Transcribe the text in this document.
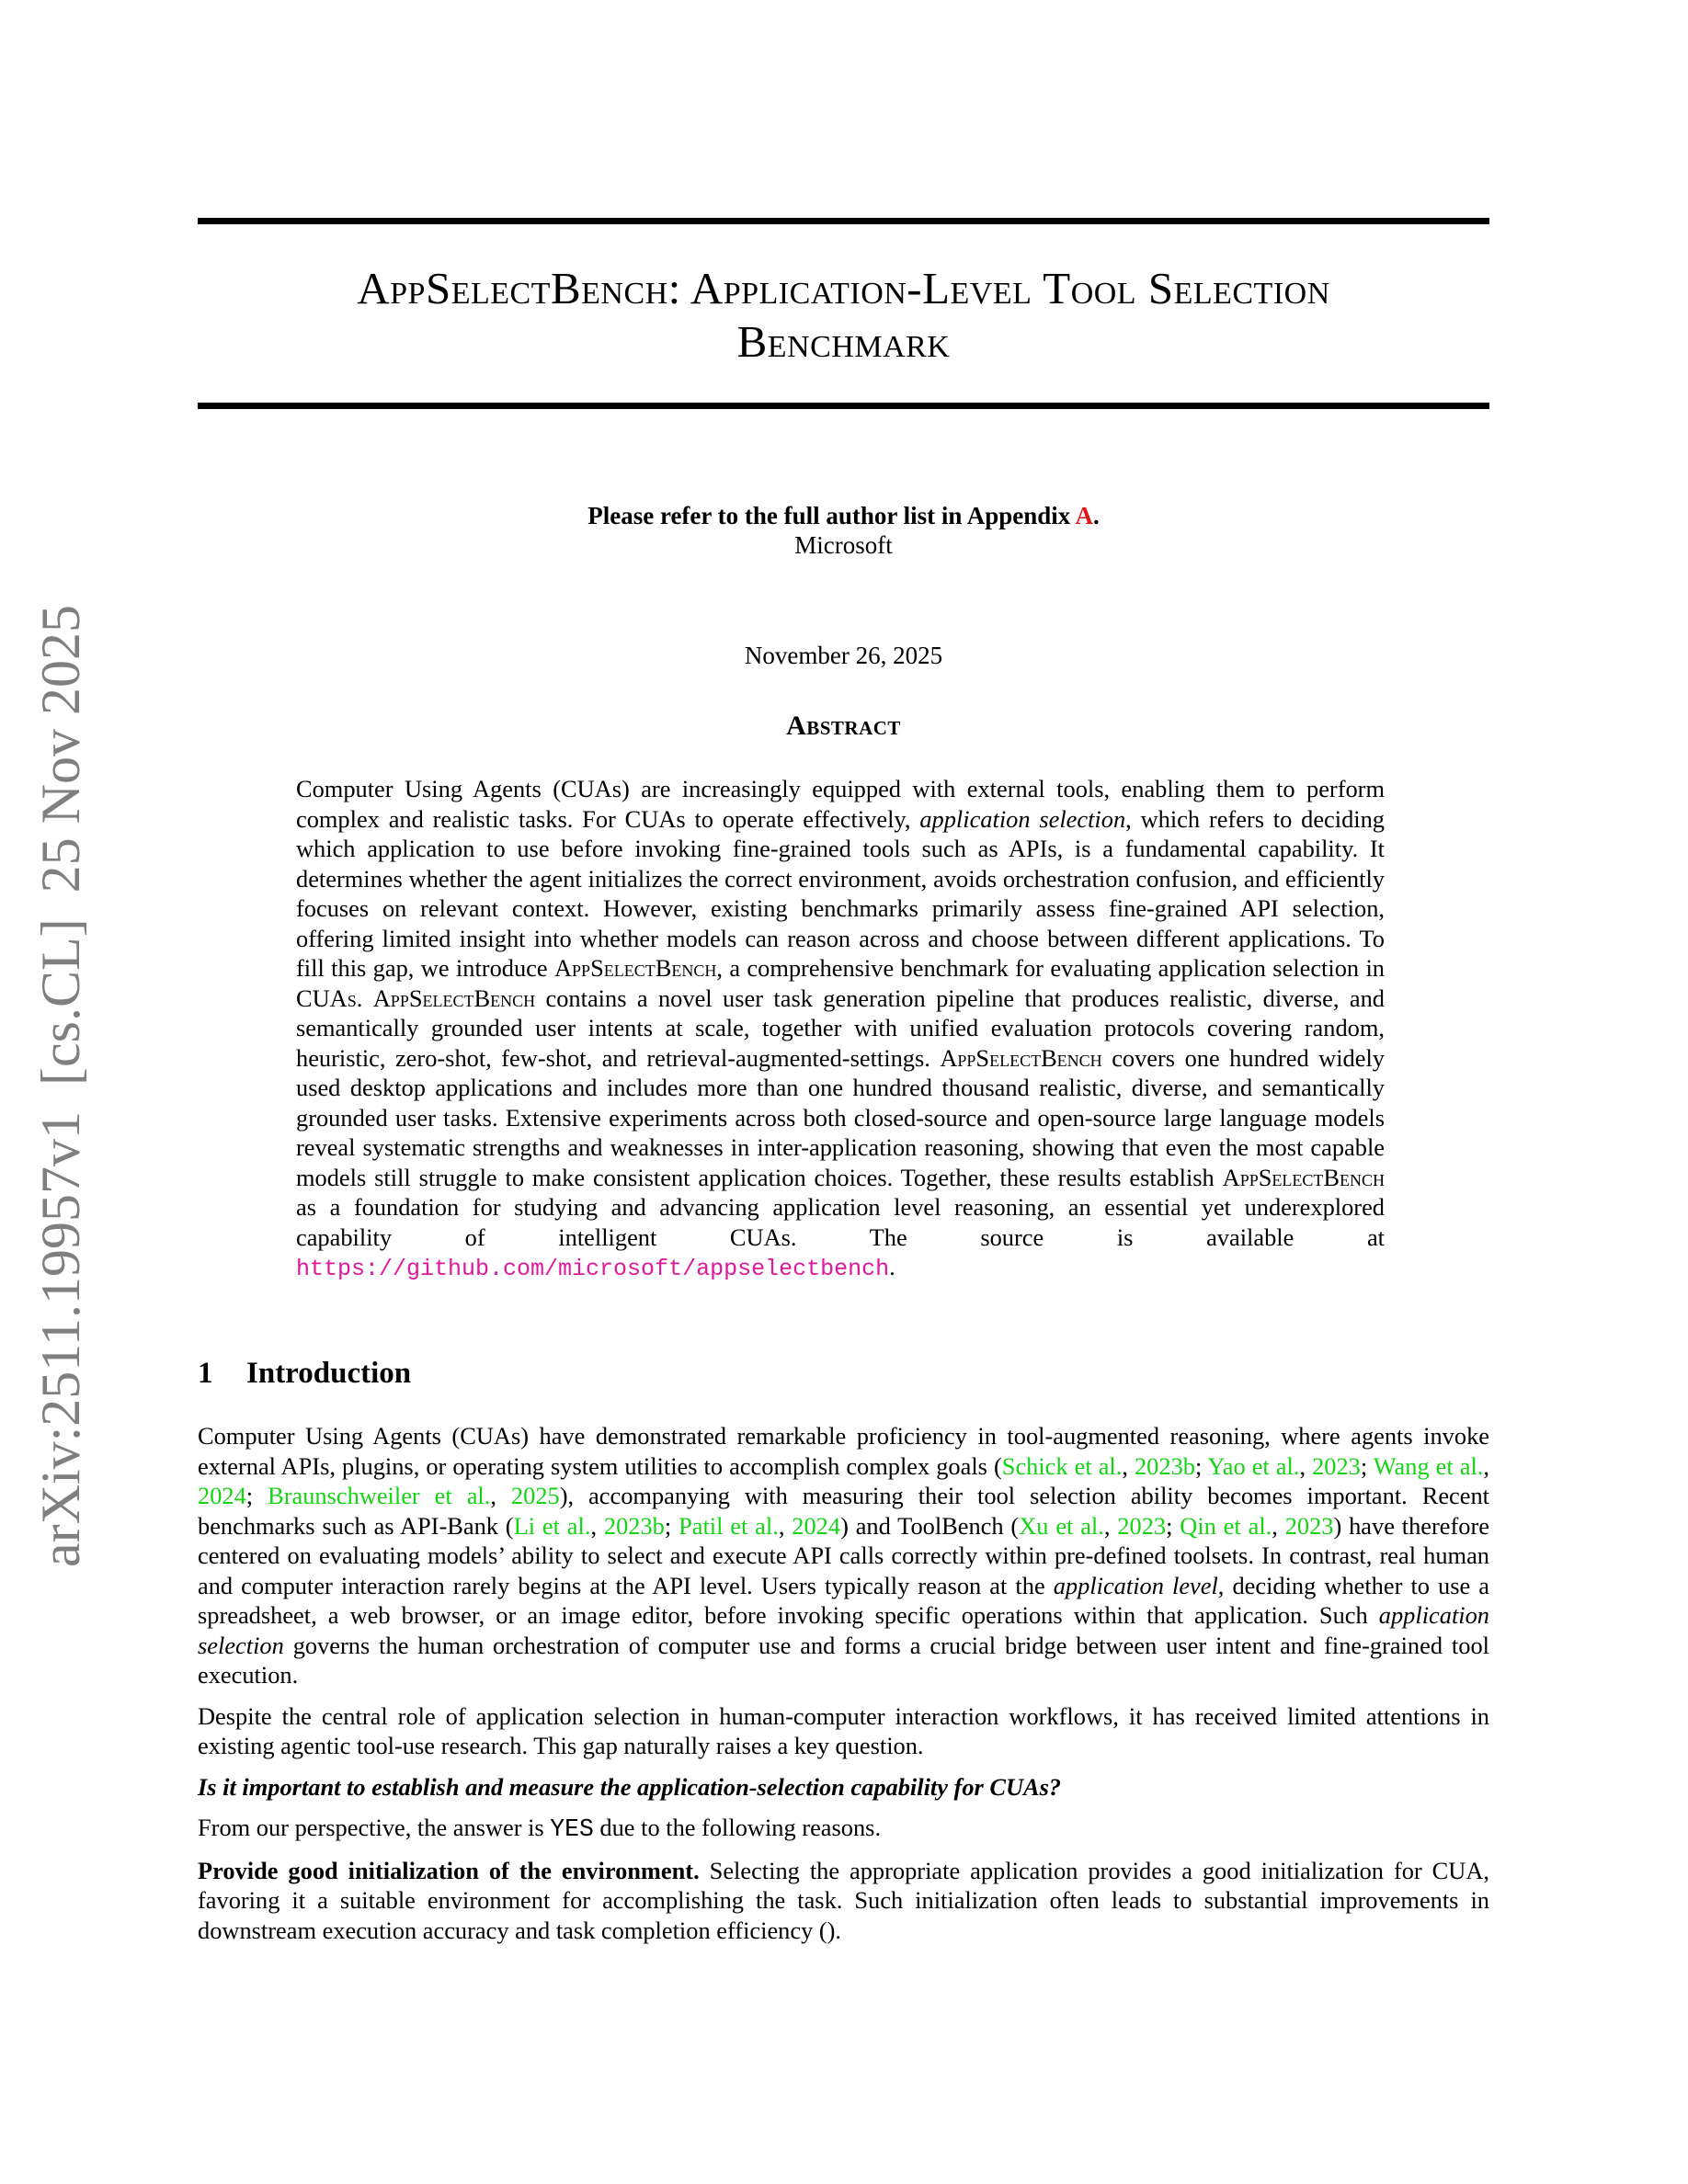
arXiv:2511.19957v1[cs.CL]25 Nov 2025
AppSelectBench: Application-Level Tool Selection
Benchmark
Please refer to the full author list in Appendix A.
Microsoft
November 26, 2025
Abstract
Computer Using Agents (CUAs) are increasingly equipped with external tools, enabling them to perform complex and realistic tasks. For CUAs to operate effectively, application selection, which refers to deciding which application to use before invoking fine-grained tools such as APIs, is a fundamental capability. It determines whether the agent initializes the correct environment, avoids orchestration confusion, and efficiently focuses on relevant context. However, existing benchmarks primarily assess fine-grained API selection, offering limited insight into whether models can reason across and choose between different applications. To fill this gap, we introduce AppSelectBench, a comprehensive benchmark for evaluating application selection in CUAs. AppSelectBench contains a novel user task generation pipeline that produces realistic, diverse, and semantically grounded user intents at scale, together with unified evaluation protocols covering random, heuristic, zero-shot, few-shot, and retrieval-augmented-settings. AppSelectBench covers one hundred widely used desktop applications and includes more than one hundred thousand realistic, diverse, and semantically grounded user tasks. Extensive experiments across both closed-source and open-source large language models reveal systematic strengths and weaknesses in inter-application reasoning, showing that even the most capable models still struggle to make consistent application choices. Together, these results establish AppSelectBench as a foundation for studying and advancing application level reasoning, an essential yet underexplored capability of intelligent CUAs. The source is available at https://github.com/microsoft/appselectbench.
1 Introduction

Computer Using Agents (CUAs) have demonstrated remarkable proficiency in tool-augmented reasoning, where agents invoke external APIs, plugins, or operating system utilities to accomplish complex goals (Schick et al., 2023b; Yao et al., 2023; Wang et al., 2024; Braunschweiler et al., 2025), accompanying with measuring their tool selection ability becomes important. Recent benchmarks such as API-Bank (Li et al., 2023b; Patil et al., 2024) and ToolBench (Xu et al., 2023; Qin et al., 2023) have therefore centered on evaluating models’ ability to select and execute API calls correctly within pre-defined toolsets. In contrast, real human and computer interaction rarely begins at the API level. Users typically reason at the application level, deciding whether to use a spreadsheet, a web browser, or an image editor, before invoking specific operations within that application. Such application selection governs the human orchestration of computer use and forms a crucial bridge between user intent and fine-grained tool execution.

Despite the central role of application selection in human-computer interaction workflows, it has received limited attentions in existing agentic tool-use research. This gap naturally raises a key question.

Is it important to establish and measure the application-selection capability for CUAs?

From our perspective, the answer is YES due to the following reasons.

Provide good initialization of the environment. Selecting the appropriate application provides a good initialization for CUA, favoring it a suitable environment for accomplishing the task. Such initialization often leads to substantial improvements in downstream execution accuracy and task completion efficiency ().
